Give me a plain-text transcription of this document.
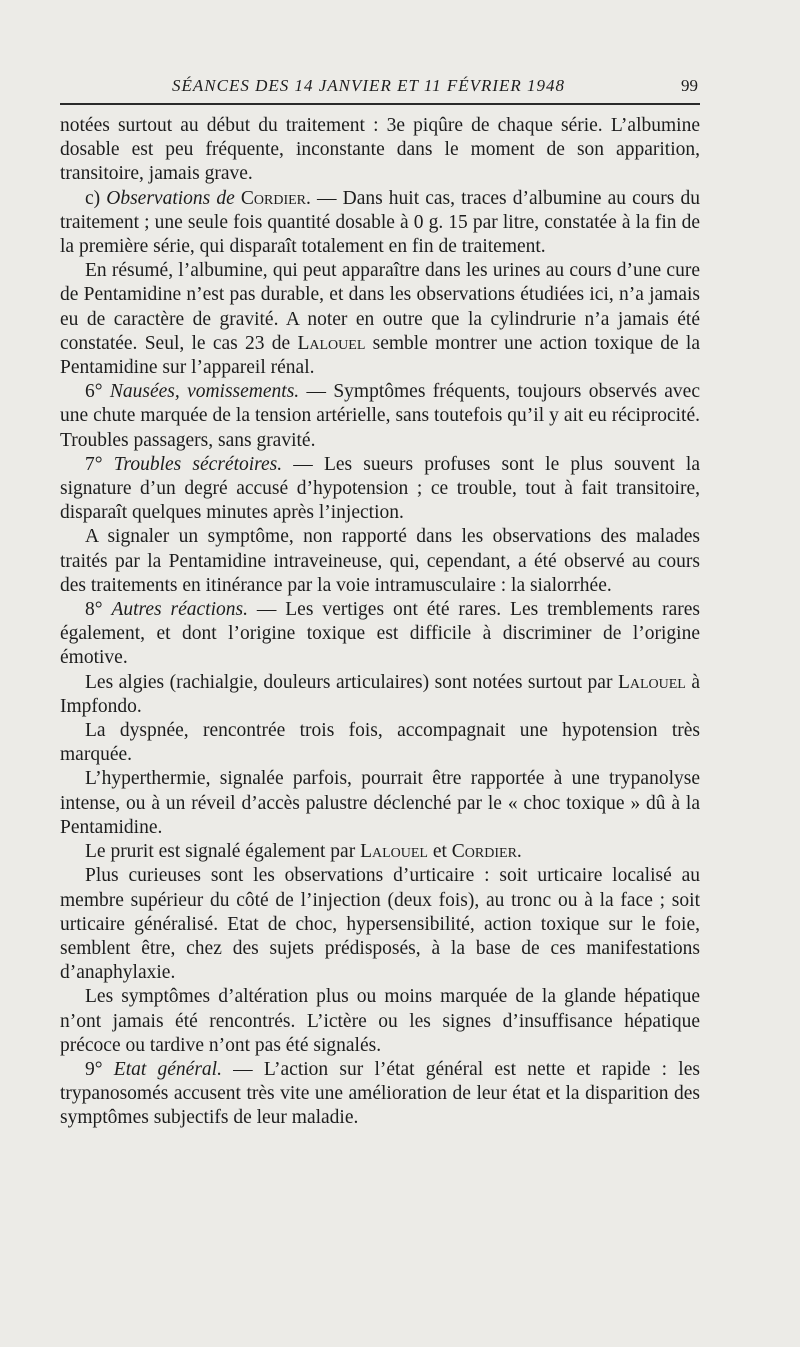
SÉANCES DES 14 JANVIER ET 11 FÉVRIER 1948	99

notées surtout au début du traitement : 3e piqûre de chaque série. L’albumine dosable est peu fréquente, inconstante dans le moment de son apparition, transitoire, jamais grave.

c) Observations de Cordier. — Dans huit cas, traces d’albumine au cours du traitement ; une seule fois quantité dosable à 0 g. 15 par litre, constatée à la fin de la première série, qui disparaît totalement en fin de traitement.

En résumé, l’albumine, qui peut apparaître dans les urines au cours d’une cure de Pentamidine n’est pas durable, et dans les observations étudiées ici, n’a jamais eu de caractère de gravité. A noter en outre que la cylindrurie n’a jamais été constatée. Seul, le cas 23 de Lalouel semble montrer une action toxique de la Pentamidine sur l’appareil rénal.

6° Nausées, vomissements. — Symptômes fréquents, toujours observés avec une chute marquée de la tension artérielle, sans toutefois qu’il y ait eu réciprocité. Troubles passagers, sans gravité.

7° Troubles sécrétoires. — Les sueurs profuses sont le plus souvent la signature d’un degré accusé d’hypotension ; ce trouble, tout à fait transitoire, disparaît quelques minutes après l’injection.

A signaler un symptôme, non rapporté dans les observations des malades traités par la Pentamidine intraveineuse, qui, cependant, a été observé au cours des traitements en itinérance par la voie intramusculaire : la sialorrhée.

8° Autres réactions. — Les vertiges ont été rares. Les tremblements rares également, et dont l’origine toxique est difficile à discriminer de l’origine émotive.

Les algies (rachialgie, douleurs articulaires) sont notées surtout par Lalouel à Impfondo.

La dyspnée, rencontrée trois fois, accompagnait une hypotension très marquée.

L’hyperthermie, signalée parfois, pourrait être rapportée à une trypanolyse intense, ou à un réveil d’accès palustre déclenché par le « choc toxique » dû à la Pentamidine.

Le prurit est signalé également par Lalouel et Cordier.

Plus curieuses sont les observations d’urticaire : soit urticaire localisé au membre supérieur du côté de l’injection (deux fois), au tronc ou à la face ; soit urticaire généralisé. Etat de choc, hypersensibilité, action toxique sur le foie, semblent être, chez des sujets prédisposés, à la base de ces manifestations d’anaphylaxie.

Les symptômes d’altération plus ou moins marquée de la glande hépatique n’ont jamais été rencontrés. L’ictère ou les signes d’insuffisance hépatique précoce ou tardive n’ont pas été signalés.

9° Etat général. — L’action sur l’état général est nette et rapide : les trypanosomés accusent très vite une amélioration de leur état et la disparition des symptômes subjectifs de leur maladie.
